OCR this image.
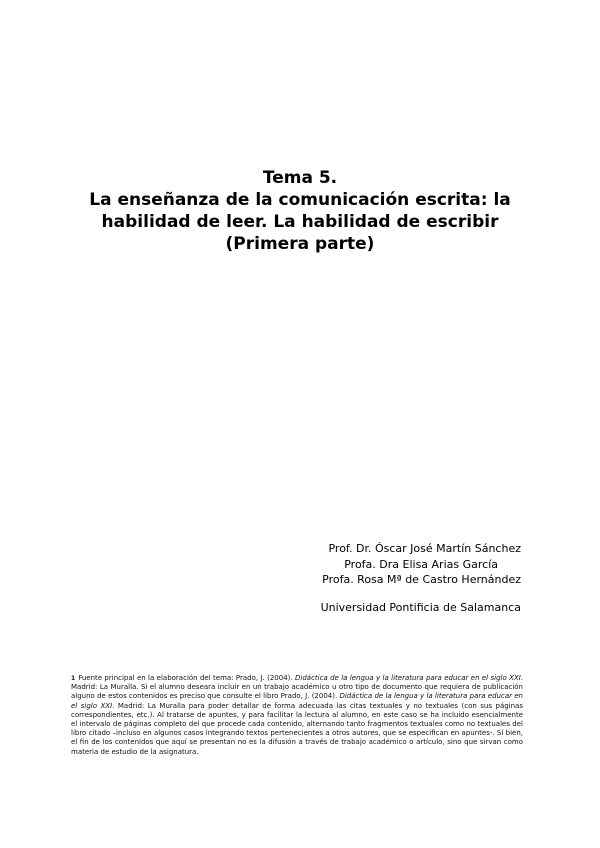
Tema 5.
La enseñanza de la comunicación escrita: la
habilidad de leer. La habilidad de escribir
(Primera parte)
Prof. Dr. Óscar José Martín Sánchez
Profa. Dra Elisa Arias García
Profa. Rosa Mª de Castro Hernández
Universidad Pontificia de Salamanca
1 Fuente principal en la elaboración del tema: Prado, J. (2004). Didáctica de la lengua y la literatura para educar en el siglo XXI. Madrid: La Muralla. Si el alumno deseara incluir en un trabajo académico u otro tipo de documento que requiera de publicación alguno de estos contenidos es preciso que consulte el libro Prado, J. (2004). Didáctica de la lengua y la literatura para educar en el siglo XXI. Madrid: La Muralla para poder detallar de forma adecuada las citas textuales y no textuales (con sus páginas correspondientes, etc.). Al tratarse de apuntes, y para facilitar la lectura al alumno, en este caso se ha incluido esencialmente el intervalo de páginas completo del que procede cada contenido, alternando tanto fragmentos textuales como no textuales del libro citado –incluso en algunos casos integrando textos pertenecientes a otros autores, que se especifican en apuntes-. Si bien, el fin de los contenidos que aquí se presentan no es la difusión a través de trabajo académico o artículo, sino que sirvan como materia de estudio de la asignatura.
